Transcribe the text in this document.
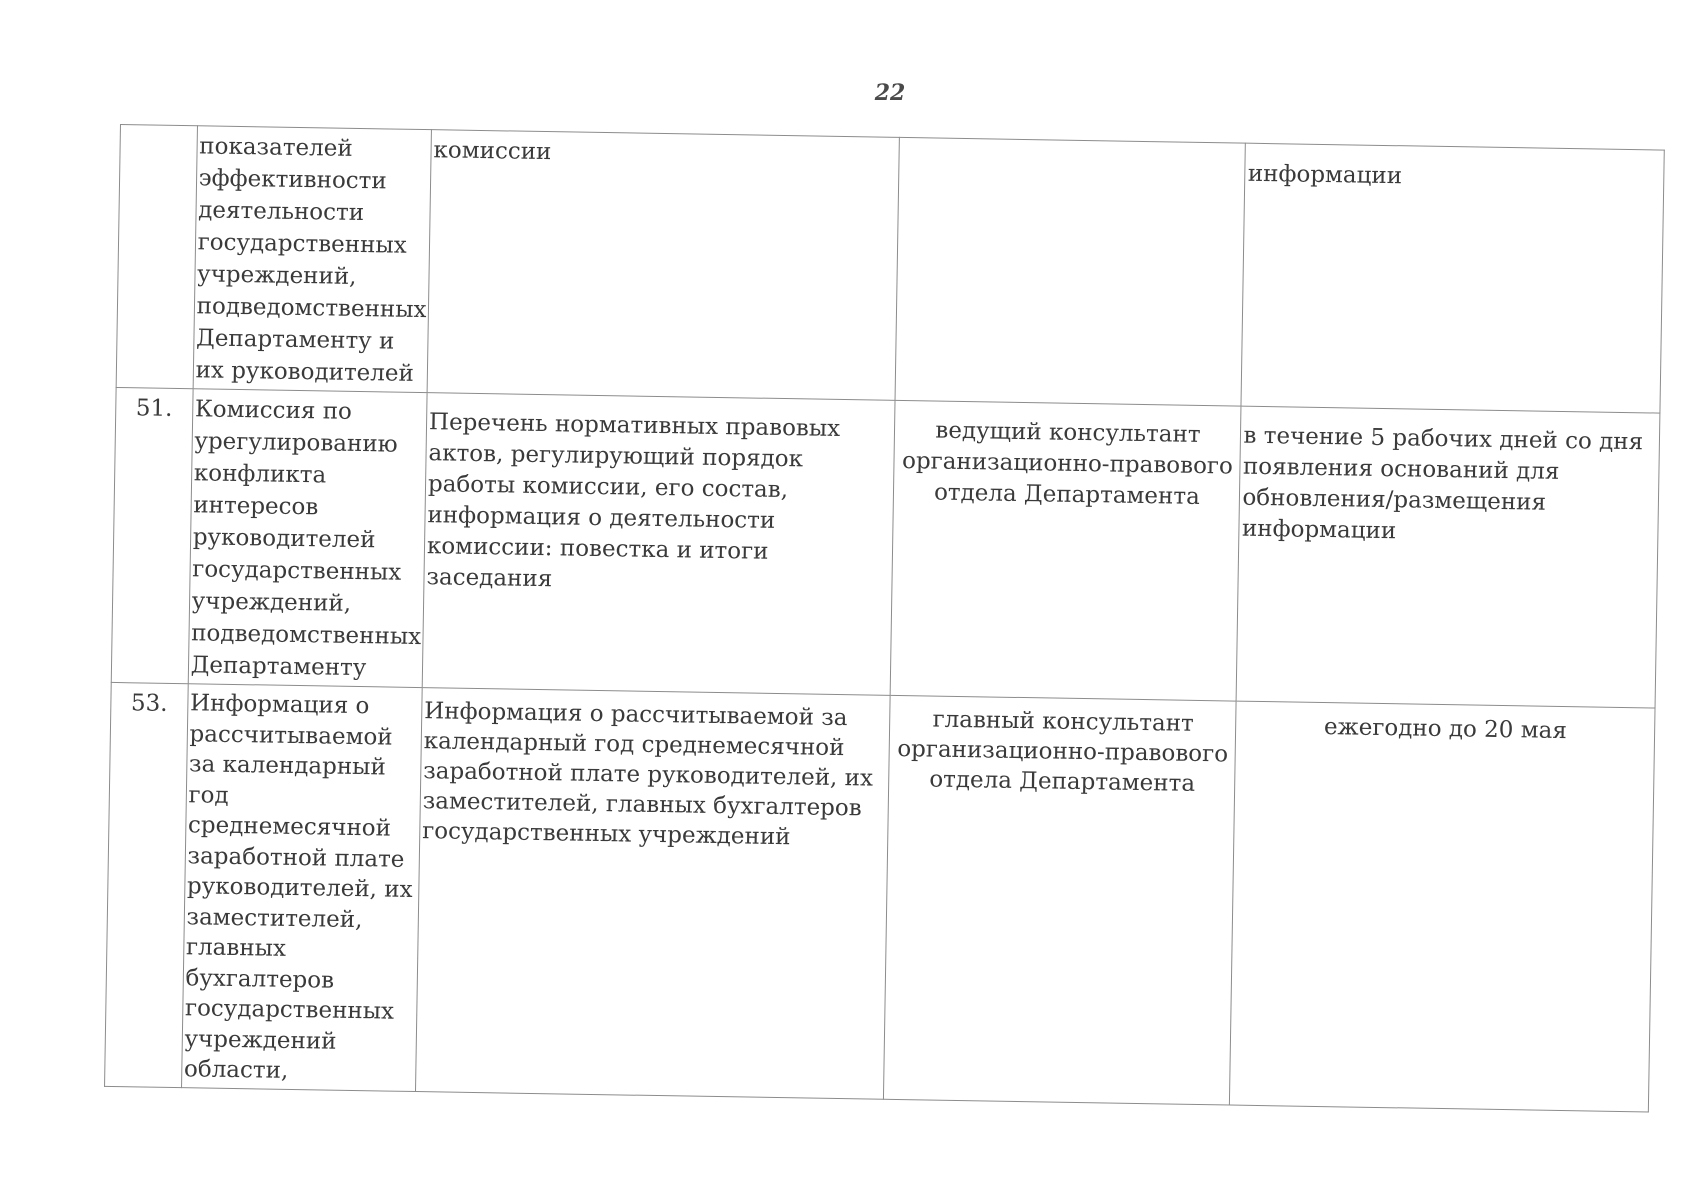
22
	показателей эффективности деятельности государственных учреждений, подведомственных Департаменту и их руководителей	комиссии		информации
51.	Комиссия по урегулированию конфликта интересов руководителей государственных учреждений, подведомственных Департаменту	Перечень нормативных правовых актов, регулирующий порядок работы комиссии, его состав, информация о деятельности комиссии: повестка и итоги заседания	ведущий консультант организационно-правового отдела Департамента	в течение 5 рабочих дней со дня появления оснований для обновления/размещения информации
53.	Информация о рассчитываемой за календарный год среднемесячной заработной плате руководителей, их заместителей, главных бухгалтеров государственных учреждений области,	Информация о рассчитываемой за календарный год среднемесячной заработной плате руководителей, их заместителей, главных бухгалтеров государственных учреждений	главный консультант организационно-правового отдела Департамента	ежегодно до 20 мая
